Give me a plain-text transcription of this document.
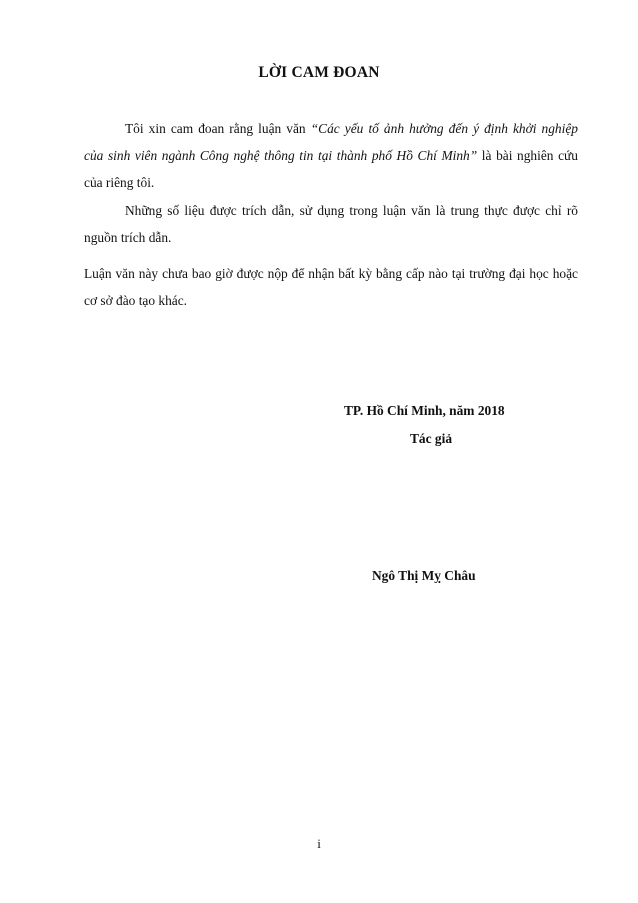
LỜI CAM ĐOAN
Tôi xin cam đoan rằng luận văn “Các yếu tố ảnh hưởng đến ý định khởi nghiệp
của sinh viên ngành Công nghệ thông tin tại thành phố Hồ Chí Minh” là bài nghiên cứu
của riêng tôi.
Những số liệu được trích dẫn, sử dụng trong luận văn là trung thực được chỉ rõ
nguồn trích dẫn.
Luận văn này chưa bao giờ được nộp để nhận bất kỳ bằng cấp nào tại trường đại học hoặc
cơ sở đào tạo khác.
TP. Hồ Chí Minh, năm 2018
Tác giả
Ngô Thị Mỵ Châu
i
